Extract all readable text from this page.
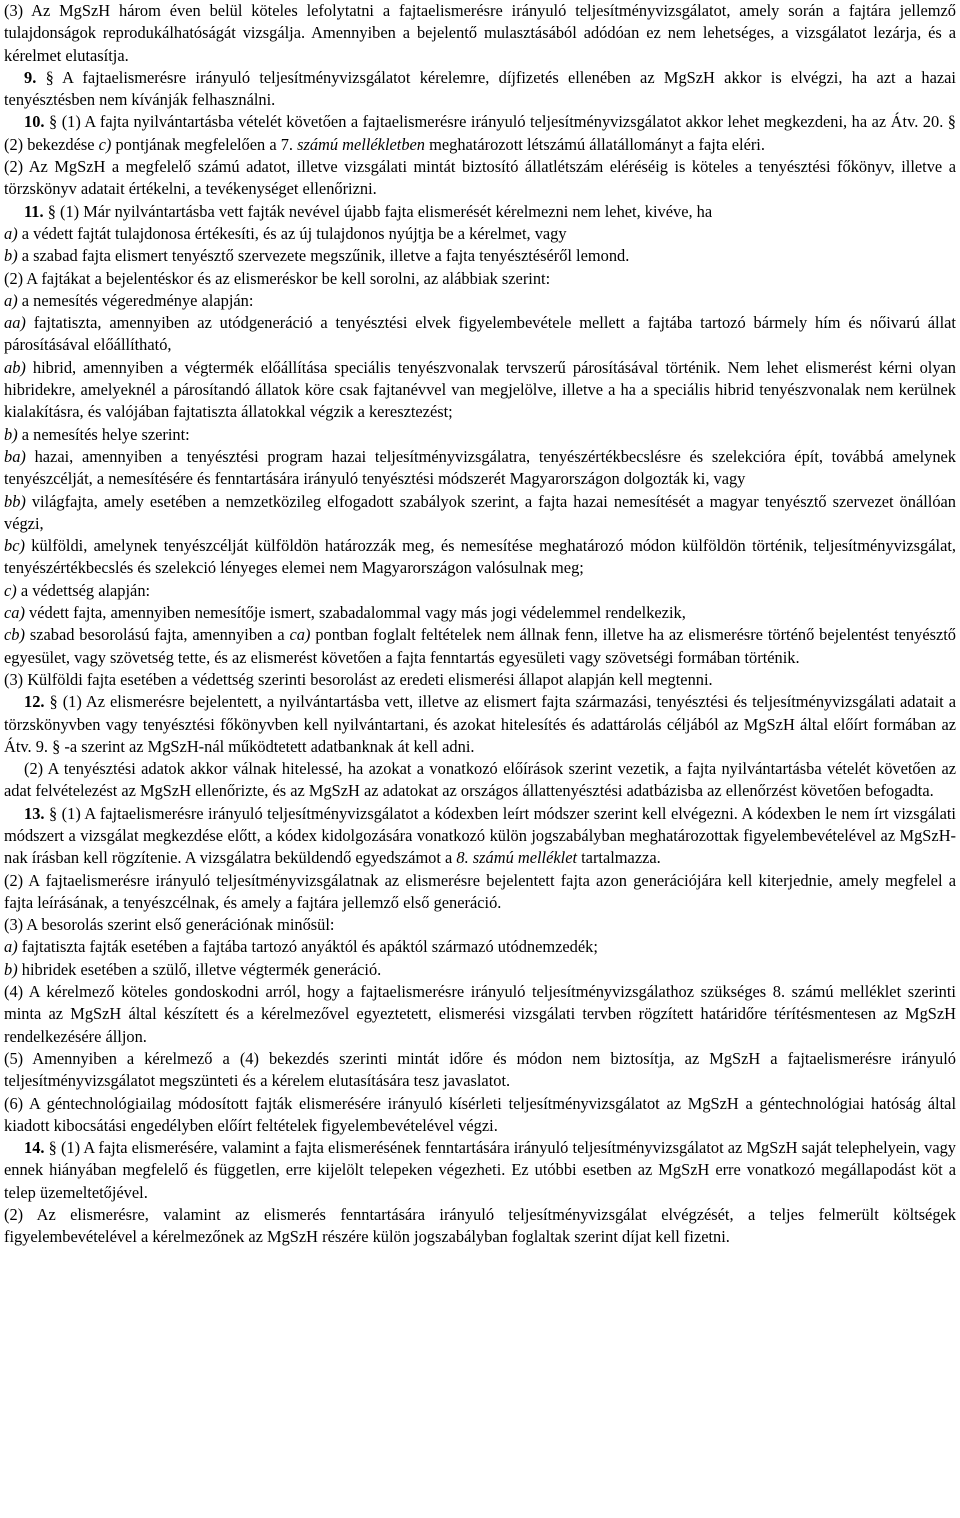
(3) Az MgSzH három éven belül köteles lefolytatni a fajtaelismerésre irányuló teljesítményvizsgálatot, amely során a fajtára jellemző tulajdonságok reprodukálhatóságát vizsgálja. Amennyiben a bejelentő mulasztásából adódóan ez nem lehetséges, a vizsgálatot lezárja, és a kérelmet elutasítja.

9. § A fajtaelismerésre irányuló teljesítményvizsgálatot kérelemre, díjfizetés ellenében az MgSzH akkor is elvégzi, ha azt a hazai tenyésztésben nem kívánják felhasználni.

10. § (1) A fajta nyilvántartásba vételét követően a fajtaelismerésre irányuló teljesítményvizsgálatot akkor lehet megkezdeni, ha az Átv. 20. § (2) bekezdése c) pontjának megfelelően a 7. számú mellékletben meghatározott létszámú állatállományt a fajta eléri.

(2) Az MgSzH a megfelelő számú adatot, illetve vizsgálati mintát biztosító állatlétszám eléréséig is köteles a tenyésztési főkönyv, illetve a törzskönyv adatait értékelni, a tevékenységet ellenőrizni.

11. § (1) Már nyilvántartásba vett fajták nevével újabb fajta elismerését kérelmezni nem lehet, kivéve, ha

a) a védett fajtát tulajdonosa értékesíti, és az új tulajdonos nyújtja be a kérelmet, vagy

b) a szabad fajta elismert tenyésztő szervezete megszűnik, illetve a fajta tenyésztéséről lemond.

(2) A fajtákat a bejelentéskor és az elismeréskor be kell sorolni, az alábbiak szerint:

a) a nemesítés végeredménye alapján:

aa) fajtatiszta, amennyiben az utódgeneráció a tenyésztési elvek figyelembevétele mellett a fajtába tartozó bármely hím és nőivarú állat párosításával előállítható,

ab) hibrid, amennyiben a végtermék előállítása speciális tenyészvonalak tervszerű párosításával történik. Nem lehet elismerést kérni olyan hibridekre, amelyeknél a párosítandó állatok köre csak fajtanévvel van megjelölve, illetve a ha a speciális hibrid tenyészvonalak nem kerülnek kialakításra, és valójában fajtatiszta állatokkal végzik a keresztezést;

b) a nemesítés helye szerint:

ba) hazai, amennyiben a tenyésztési program hazai teljesítményvizsgálatra, tenyészértékbecslésre és szelekcióra épít, továbbá amelynek tenyészcélját, a nemesítésére és fenntartására irányuló tenyésztési módszerét Magyarországon dolgozták ki, vagy

bb) világfajta, amely esetében a nemzetközileg elfogadott szabályok szerint, a fajta hazai nemesítését a magyar tenyésztő szervezet önállóan végzi,

bc) külföldi, amelynek tenyészcélját külföldön határozzák meg, és nemesítése meghatározó módon külföldön történik, teljesítményvizsgálat, tenyészértékbecslés és szelekció lényeges elemei nem Magyarországon valósulnak meg;

c) a védettség alapján:

ca) védett fajta, amennyiben nemesítője ismert, szabadalommal vagy más jogi védelemmel rendelkezik,

cb) szabad besorolású fajta, amennyiben a ca) pontban foglalt feltételek nem állnak fenn, illetve ha az elismerésre történő bejelentést tenyésztő egyesület, vagy szövetség tette, és az elismerést követően a fajta fenntartás egyesületi vagy szövetségi formában történik.

(3) Külföldi fajta esetében a védettség szerinti besorolást az eredeti elismerési állapot alapján kell megtenni.

12. § (1) Az elismerésre bejelentett, a nyilvántartásba vett, illetve az elismert fajta származási, tenyésztési és teljesítményvizsgálati adatait a törzskönyvben vagy tenyésztési főkönyvben kell nyilvántartani, és azokat hitelesítés és adattárolás céljából az MgSzH által előírt formában az Átv. 9. § -a szerint az MgSzH-nál működtetett adatbanknak át kell adni.

(2) A tenyésztési adatok akkor válnak hitelessé, ha azokat a vonatkozó előírások szerint vezetik, a fajta nyilvántartásba vételét követően az adat felvételezést az MgSzH ellenőrizte, és az MgSzH az adatokat az országos állattenyésztési adatbázisba az ellenőrzést követően befogadta.

13. § (1) A fajtaelismerésre irányuló teljesítményvizsgálatot a kódexben leírt módszer szerint kell elvégezni. A kódexben le nem írt vizsgálati módszert a vizsgálat megkezdése előtt, a kódex kidolgozására vonatkozó külön jogszabályban meghatározottak figyelembevételével az MgSzH-nak írásban kell rögzítenie. A vizsgálatra beküldendő egyedszámot a 8. számú melléklet tartalmazza.

(2) A fajtaelismerésre irányuló teljesítményvizsgálatnak az elismerésre bejelentett fajta azon generációjára kell kiterjednie, amely megfelel a fajta leírásának, a tenyészcélnak, és amely a fajtára jellemző első generáció.

(3) A besorolás szerint első generációnak minősül:

a) fajtatiszta fajták esetében a fajtába tartozó anyáktól és apáktól származó utódnemzedék;

b) hibridek esetében a szülő, illetve végtermék generáció.

(4) A kérelmező köteles gondoskodni arról, hogy a fajtaelismerésre irányuló teljesítményvizsgálathoz szükséges 8. számú melléklet szerinti minta az MgSzH által készített és a kérelmezővel egyeztetett, elismerési vizsgálati tervben rögzített határidőre térítésmentesen az MgSzH rendelkezésére álljon.

(5) Amennyiben a kérelmező a (4) bekezdés szerinti mintát időre és módon nem biztosítja, az MgSzH a fajtaelismerésre irányuló teljesítményvizsgálatot megszünteti és a kérelem elutasítására tesz javaslatot.

(6) A géntechnológiailag módosított fajták elismerésére irányuló kísérleti teljesítményvizsgálatot az MgSzH a géntechnológiai hatóság által kiadott kibocsátási engedélyben előírt feltételek figyelembevételével végzi.

14. § (1) A fajta elismerésére, valamint a fajta elismerésének fenntartására irányuló teljesítményvizsgálatot az MgSzH saját telephelyein, vagy ennek hiányában megfelelő és független, erre kijelölt telepeken végezheti. Ez utóbbi esetben az MgSzH erre vonatkozó megállapodást köt a telep üzemeltetőjével.

(2) Az elismerésre, valamint az elismerés fenntartására irányuló teljesítményvizsgálat elvégzését, a teljes felmerült költségek figyelembevételével a kérelmezőnek az MgSzH részére külön jogszabályban foglaltak szerint díjat kell fizetni.
